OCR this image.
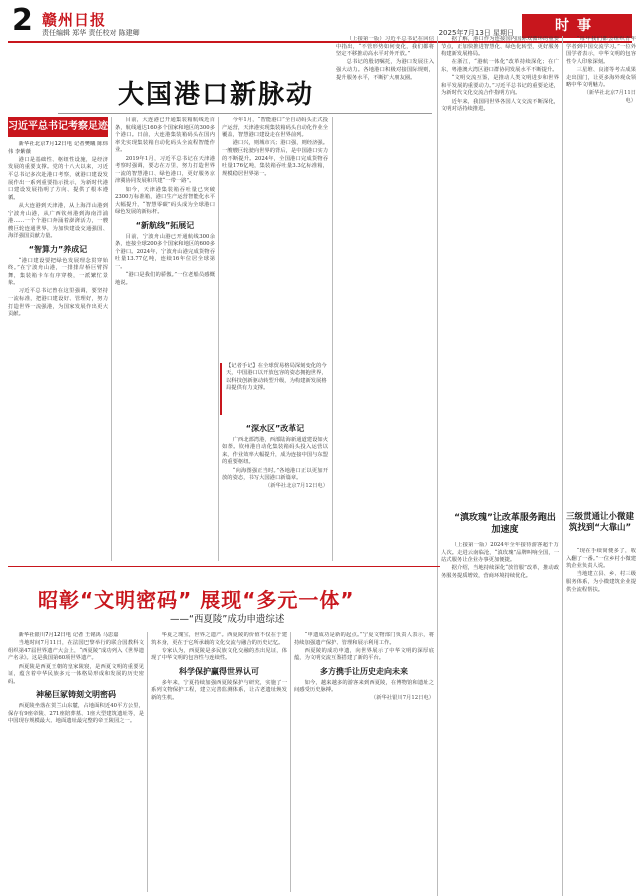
2 赣州日报
责任编辑 郑华 责任校对 陈建卿	2025年7月13日 星期日	时事
大国港口新脉动
习近平总书记考察足迹

新华社北京7月12日电 记者樊曦 陈炜伟 李紫薇

港口是基础性、枢纽性设施，是经济发展的重要支撑。党的十八大以来，习近平总书记多次赴港口考察，就港口建设发展作出一系列重要指示批示，为新时代港口建设发展指明了方向、提供了根本遵循。

从大连港到天津港，从上海洋山港到宁波舟山港，从广西钦州港到海南洋浦港……一个个港口奔涌着澎湃活力，一艘艘巨轮连通世界，为加快建设交通强国、海洋强国贡献力量。

“智算力”养成记

“港口建设要把绿色发展理念贯穿始终。”在宁波舟山港，一排排岸桥巨臂挥舞，集装箱卡车有序穿梭，一派繁忙景象。

习近平总书记曾在这里强调，要坚持一流标准，把港口建设好、管理好，努力打造世界一流强港，为国家发展作出更大贡献。

目前，大连港已开通集装箱航线近百条，航线通达160多个国家和地区的300多个港口。日前，大连港集装箱码头在国内率先实现集装箱自动化码头全流程智能作业。

2019年1月，习近平总书记在天津港考察时强调，要志在万里，努力打造世界一流的智慧港口、绿色港口，更好服务京津冀协同发展和共建“一带一路”。

如今，天津港集装箱吞吐量已突破2300万标准箱，港口生产运营智能化水平大幅提升，“智慧零碳”码头成为全球港口绿色发展的新标杆。

“新航线”拓展记

目前，宁波舟山港已开通航线300余条，连接全球200多个国家和地区的600多个港口。2024年，宁波舟山港完成货物吞吐量13.77亿吨，连续16年位居全球第一。

“港口是我们的骄傲。”一位老船员感慨地说。

今年1月，“智能港口”全自动码头正式投产运营，天津港实现集装箱码头自动化作业全覆盖，智慧港口建设走在世界前列。

港口兴，则城市兴；港口强，则经济强。一艘艘巨轮驶向世界的背后，是中国港口实力的不断提升。2024年，全国港口完成货物吞吐量176亿吨，集装箱吞吐量3.3亿标准箱，规模稳居世界第一。

【记者手记】在全球贸易格局深刻变化的今天，中国港口以开放包容的姿态拥抱世界，以科技创新驱动转型升级，为构建新发展格局提供有力支撑。
“深水区”改革记

广西北部湾港，西部陆海新通道建设如火如荼。钦州港自动化集装箱码头投入运营以来，作业效率大幅提升，成为连接中国与东盟的重要枢纽。

“向海图强正当时。”各地港口正以更加开放的姿态，书写大国港口新篇章。

（新华社北京7月12日电）

（上接第一版）习近平总书记在回信中指出，“不管形势如何变化，我们都将坚定不移推动高水平对外开放。”

总书记的殷切嘱托，为港口发展注入强大动力。各地港口积极对接国际规则，提升服务水平，不断扩大朋友圈。

据了解，港口作为连接国内国际双循环的重要节点，正加快推进智慧化、绿色化转型，更好服务构建新发展格局。

在浙江，“港航一体化”改革持续深化；在广东，粤港澳大湾区港口群协同发展水平不断提升。

“文明交流互鉴，是推动人类文明进步和世界和平发展的重要动力。”习近平总书记的重要论述，为新时代文化交流合作指明方向。

近年来，我国同世界各国人文交流不断深化，文明对话持续推进。

“每年我们都会组织青年学者到中国交流学习。”一位外国学者表示，中华文明的包容性令人印象深刻。

三星堆、良渚等考古成果走出国门，让更多海外观众领略中华文明魅力。

（新华社北京7月11日电）

“滇玫瑰”让改革服务跑出加速度

（上接第一版）2024年全年接待游客超千万人次。走进云南临沧，“滇玫瑰”品牌叫响全国，一站式服务让企业办事更加便捷。

据介绍，当地持续深化“放管服”改革，推动政务服务提质增效，营商环境持续优化。

三级贯通让小微建筑找到“大靠山”

“现在手续简便多了，收入翻了一番。”一位乡村小微建筑企业负责人说。

当地建立县、乡、村三级服务体系，为小微建筑企业提供全流程帮扶。

昭彰“文明密码” 展现“多元一体”
——“西夏陵”成功申遗综述

新华社银川7月12日电 记者 王铭禹 马思嘉

当地时间7月11日，在法国巴黎举行的联合国教科文组织第47届世界遗产大会上，“西夏陵”成功列入《世界遗产名录》。这是我国第60项世界遗产。

西夏陵是西夏王朝的皇家陵寝，是西夏文明的重要见证，蕴含着中华民族多元一体格局形成和发展的历史密码。

神秘巨冢铸刻文明密码

西夏陵坐落在贺兰山东麓，占地面积近40平方公里，保存有9座帝陵、271座陪葬墓、1座大型建筑遗址等，是中国现存规模最大、地面遗址最完整的帝王陵园之一。

华夏之瑰宝，世界之遗产。西夏陵的价值不仅在于建筑本身，更在于它所承载的文化交流与融合的历史记忆。

专家认为，西夏陵是多民族文化交融的杰出见证，体现了中华文明的包容性与连续性。

科学保护赢得世界认可

多年来，宁夏持续加强西夏陵保护与研究，实施了一系列文物保护工程，建立完善监测体系，让古老遗址焕发新的生机。

“申遗成功是新的起点。”宁夏文物部门负责人表示，将持续加强遗产保护、管理和展示利用工作。

西夏陵的成功申遗，向世界展示了中华文明的深厚底蕴，为文明交流互鉴搭建了新的平台。

多方携手让历史走向未来

如今，越来越多的游客来到西夏陵，在博物馆和遗址之间感受历史脉搏。

（新华社银川7月12日电）
